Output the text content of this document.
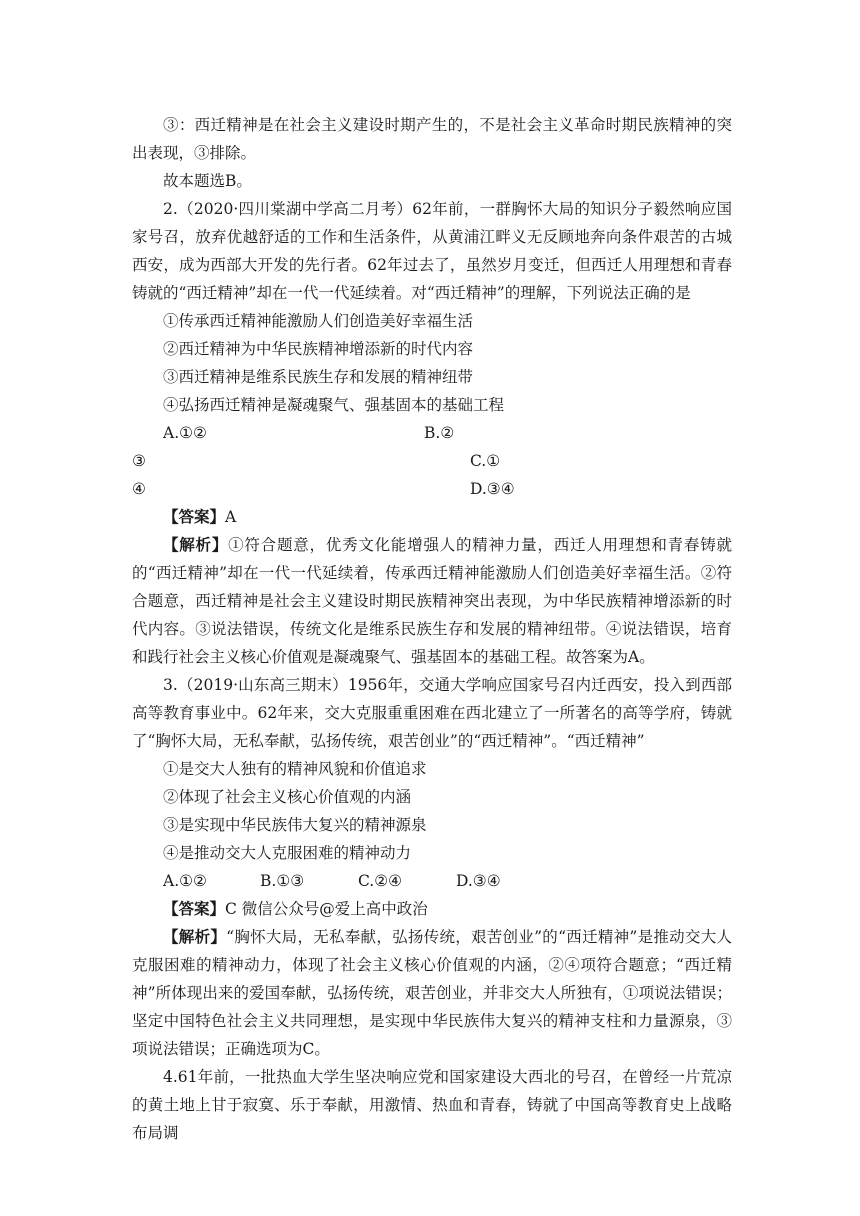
③：西迁精神是在社会主义建设时期产生的，不是社会主义革命时期民族精神的突出表现，③排除。

故本题选B。

2.（2020·四川棠湖中学高二月考）62年前，一群胸怀大局的知识分子毅然响应国家号召，放弃优越舒适的工作和生活条件，从黄浦江畔义无反顾地奔向条件艰苦的古城西安，成为西部大开发的先行者。62年过去了，虽然岁月变迁，但西迁人用理想和青春铸就的“西迁精神”却在一代一代延续着。对“西迁精神”的理解，下列说法正确的是

①传承西迁精神能激励人们创造美好幸福生活
②西迁精神为中华民族精神增添新的时代内容
③西迁精神是维系民族生存和发展的精神纽带
④弘扬西迁精神是凝魂聚气、强基固本的基础工程
A.①②	B.②
③	C.①
④	D.③④
【答案】A

【解析】①符合题意，优秀文化能增强人的精神力量，西迁人用理想和青春铸就的“西迁精神”却在一代一代延续着，传承西迁精神能激励人们创造美好幸福生活。②符合题意，西迁精神是社会主义建设时期民族精神突出表现，为中华民族精神增添新的时代内容。③说法错误，传统文化是维系民族生存和发展的精神纽带。④说法错误，培育和践行社会主义核心价值观是凝魂聚气、强基固本的基础工程。故答案为A。

3.（2019·山东高三期末）1956年，交通大学响应国家号召内迁西安，投入到西部高等教育事业中。62年来，交大克服重重困难在西北建立了一所著名的高等学府，铸就了“胸怀大局，无私奉献，弘扬传统，艰苦创业”的“西迁精神”。“西迁精神”

①是交大人独有的精神风貌和价值追求
②体现了社会主义核心价值观的内涵
③是实现中华民族伟大复兴的精神源泉
④是推动交大人克服困难的精神动力
A.①②	B.①③	C.②④	D.③④
【答案】C 微信公众号@爱上高中政治

【解析】“胸怀大局，无私奉献，弘扬传统，艰苦创业”的“西迁精神”是推动交大人克服困难的精神动力，体现了社会主义核心价值观的内涵，②④项符合题意；“西迁精神”所体现出来的爱国奉献，弘扬传统，艰苦创业，并非交大人所独有，①项说法错误；坚定中国特色社会主义共同理想，是实现中华民族伟大复兴的精神支柱和力量源泉，③项说法错误；正确选项为C。

4.61年前，一批热血大学生坚决响应党和国家建设大西北的号召，在曾经一片荒凉的黄土地上甘于寂寞、乐于奉献，用激情、热血和青春，铸就了中国高等教育史上战略布局调
